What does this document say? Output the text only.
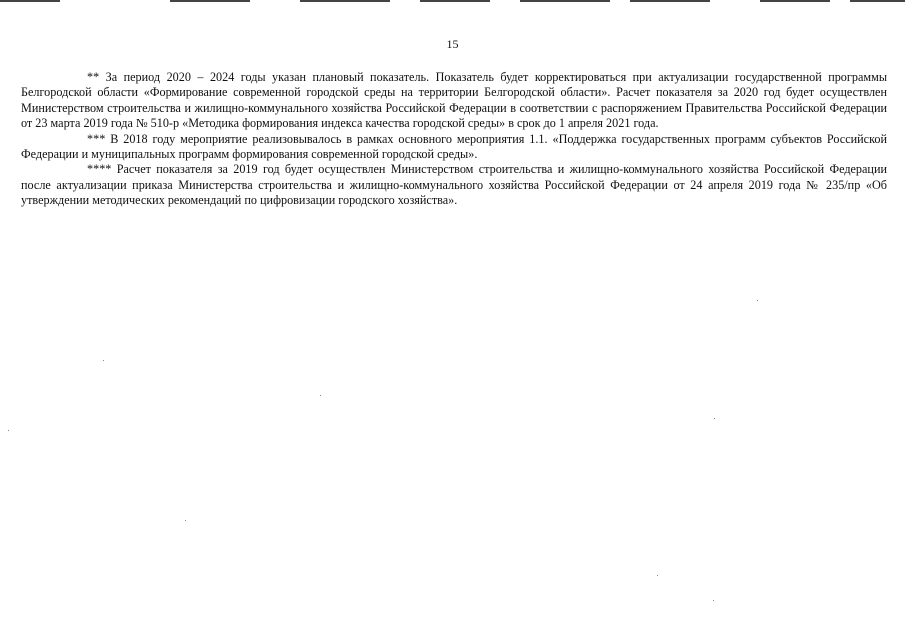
15

** За период 2020 – 2024 годы указан плановый показатель. Показатель будет корректироваться при актуализации государственной программы Белгородской области «Формирование современной городской среды на территории Белгородской области». Расчет показателя за 2020 год будет осуществлен Министерством строительства и жилищно-коммунального хозяйства Российской Федерации в соответствии с распоряжением Правительства Российской Федерации от 23 марта 2019 года № 510-р «Методика формирования индекса качества городской среды» в срок до 1 апреля 2021 года.

*** В 2018 году мероприятие реализовывалось в рамках основного мероприятия 1.1. «Поддержка государственных программ субъектов Российской Федерации и муниципальных программ формирования современной городской среды».

**** Расчет показателя за 2019 год будет осуществлен Министерством строительства и жилищно-коммунального хозяйства Российской Федерации после актуализации приказа Министерства строительства и жилищно-коммунального хозяйства Российской Федерации от 24 апреля 2019 года № 235/пр «Об утверждении методических рекомендаций по цифровизации городского хозяйства».
